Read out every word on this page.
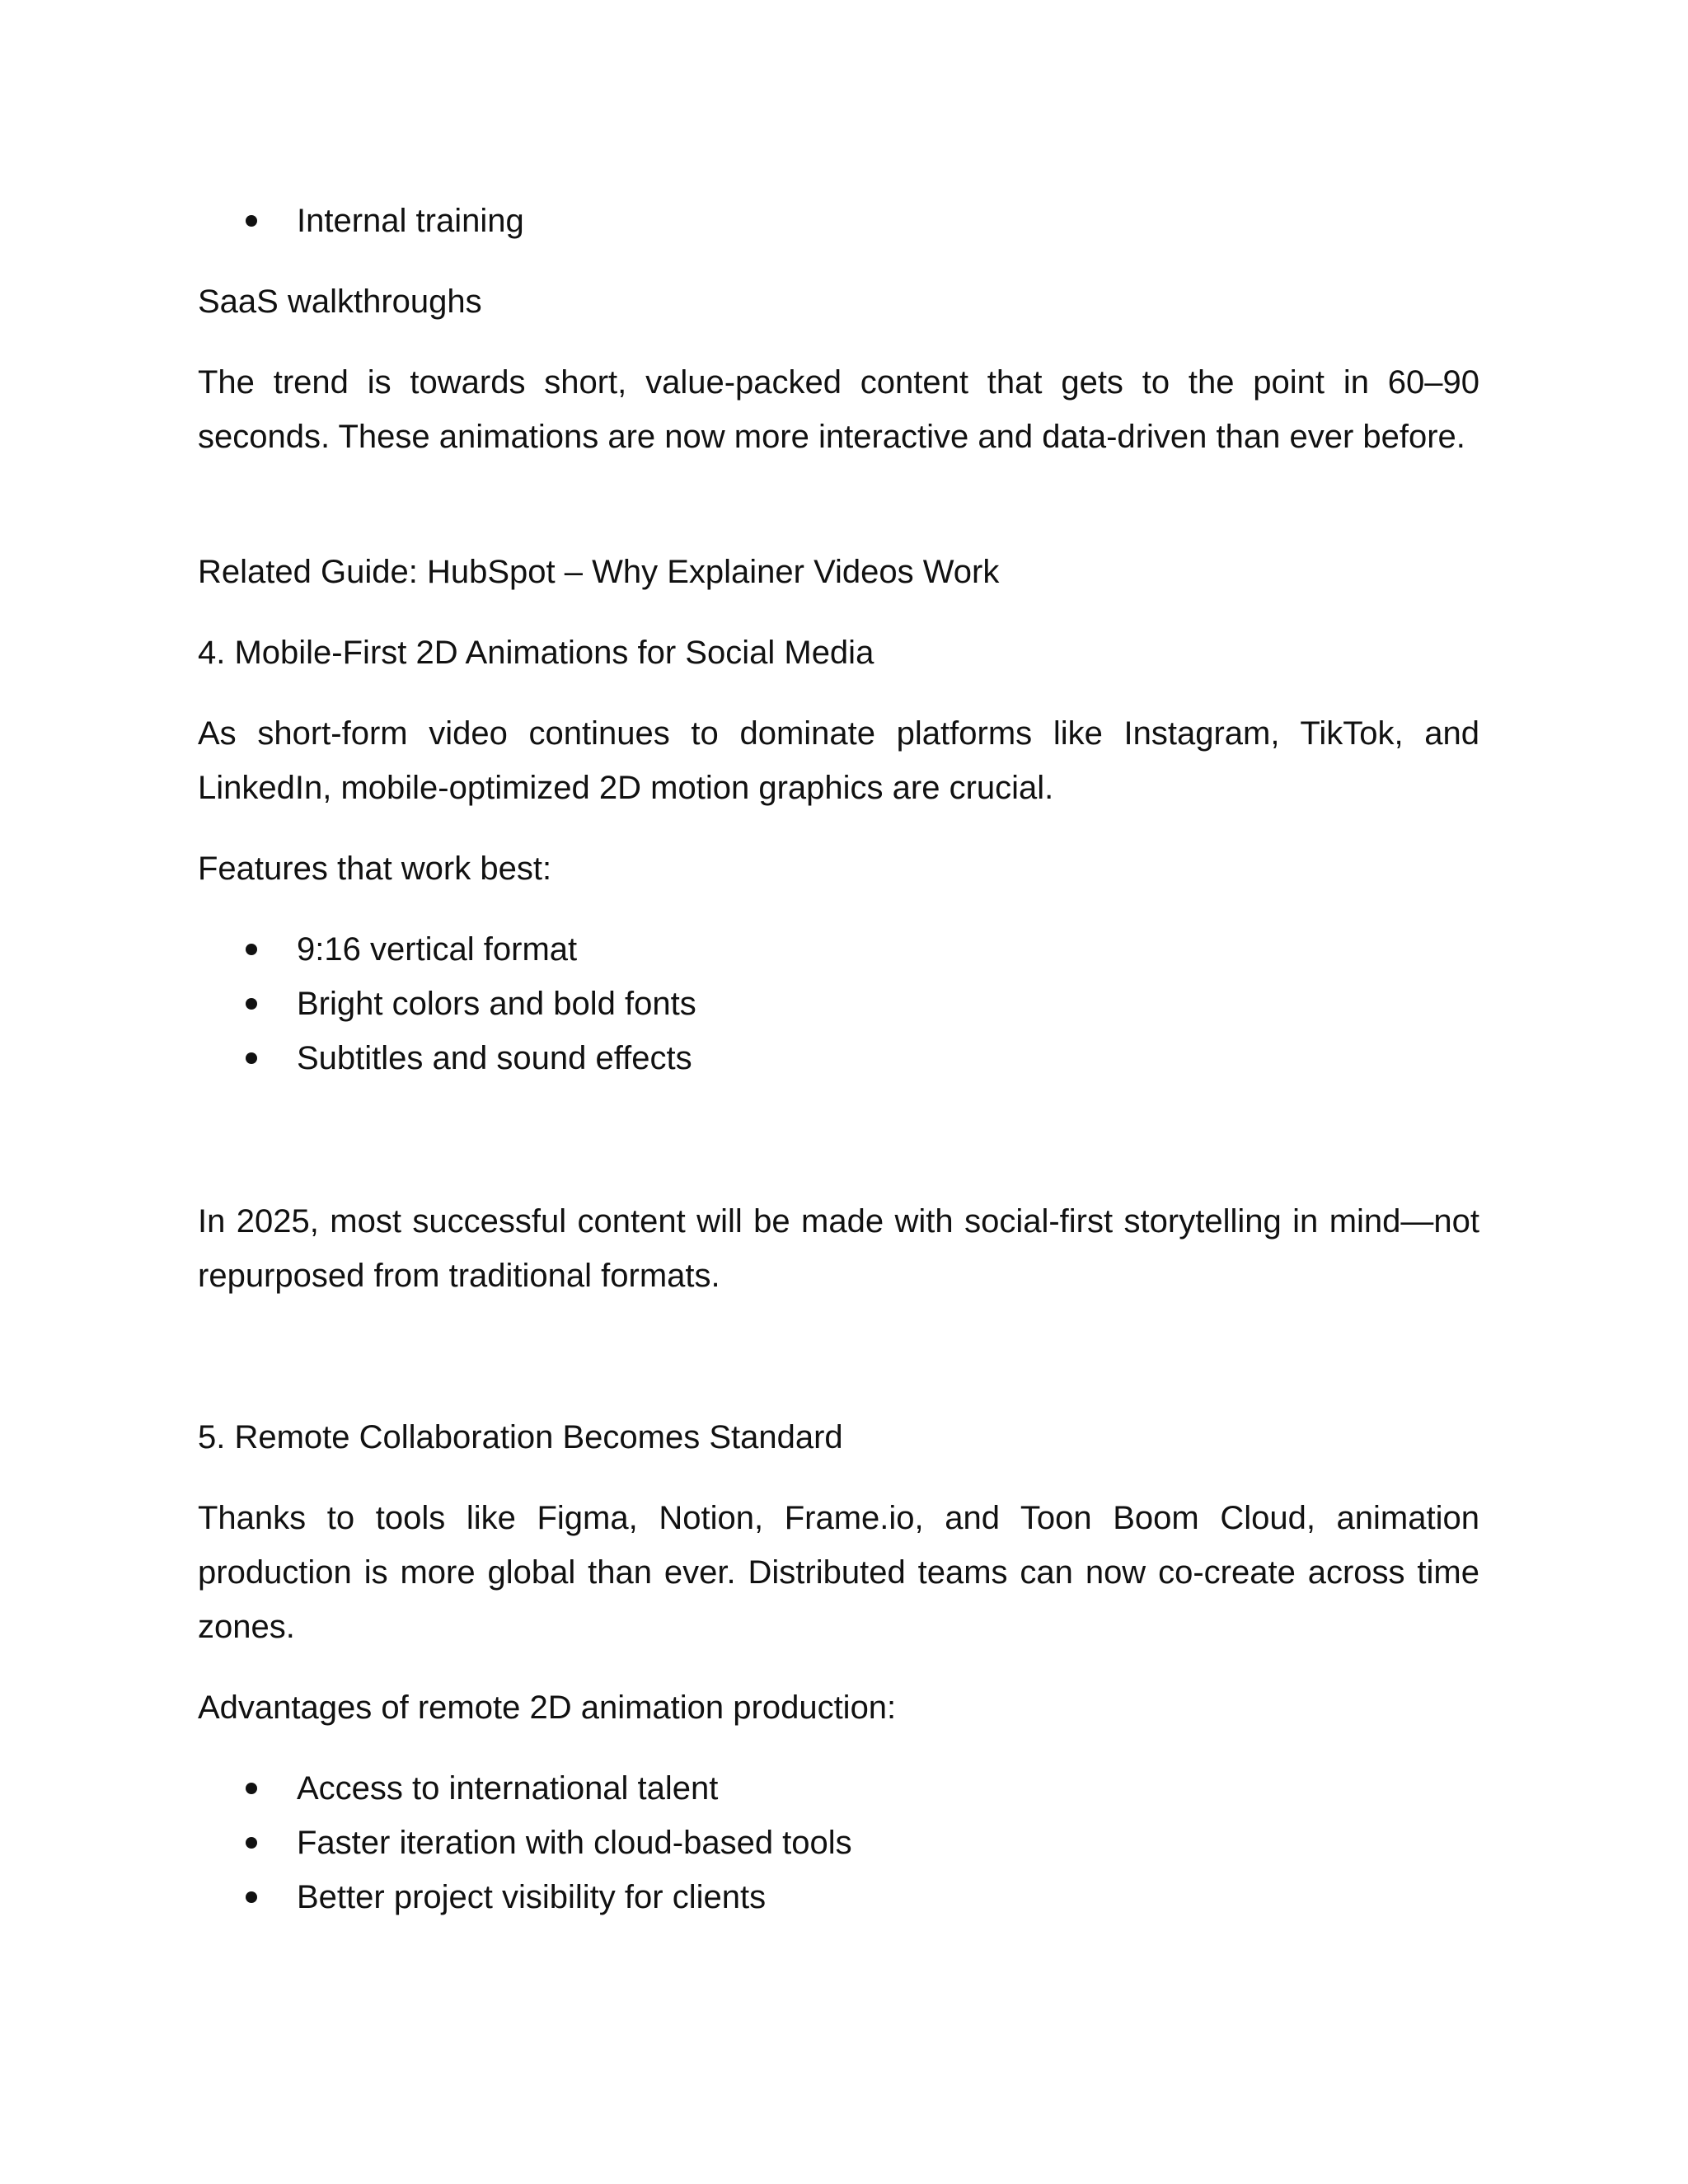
Internal training

SaaS walkthroughs

The trend is towards short, value-packed content that gets to the point in 60–90 seconds. These animations are now more interactive and data-driven than ever before.

Related Guide: HubSpot – Why Explainer Videos Work

4. Mobile-First 2D Animations for Social Media

As short-form video continues to dominate platforms like Instagram, TikTok, and LinkedIn, mobile-optimized 2D motion graphics are crucial.

Features that work best:

9:16 vertical format
Bright colors and bold fonts
Subtitles and sound effects

In 2025, most successful content will be made with social-first storytelling in mind—not repurposed from traditional formats.

5. Remote Collaboration Becomes Standard

Thanks to tools like Figma, Notion, Frame.io, and Toon Boom Cloud, animation production is more global than ever. Distributed teams can now co-create across time zones.

Advantages of remote 2D animation production:

Access to international talent
Faster iteration with cloud-based tools
Better project visibility for clients
